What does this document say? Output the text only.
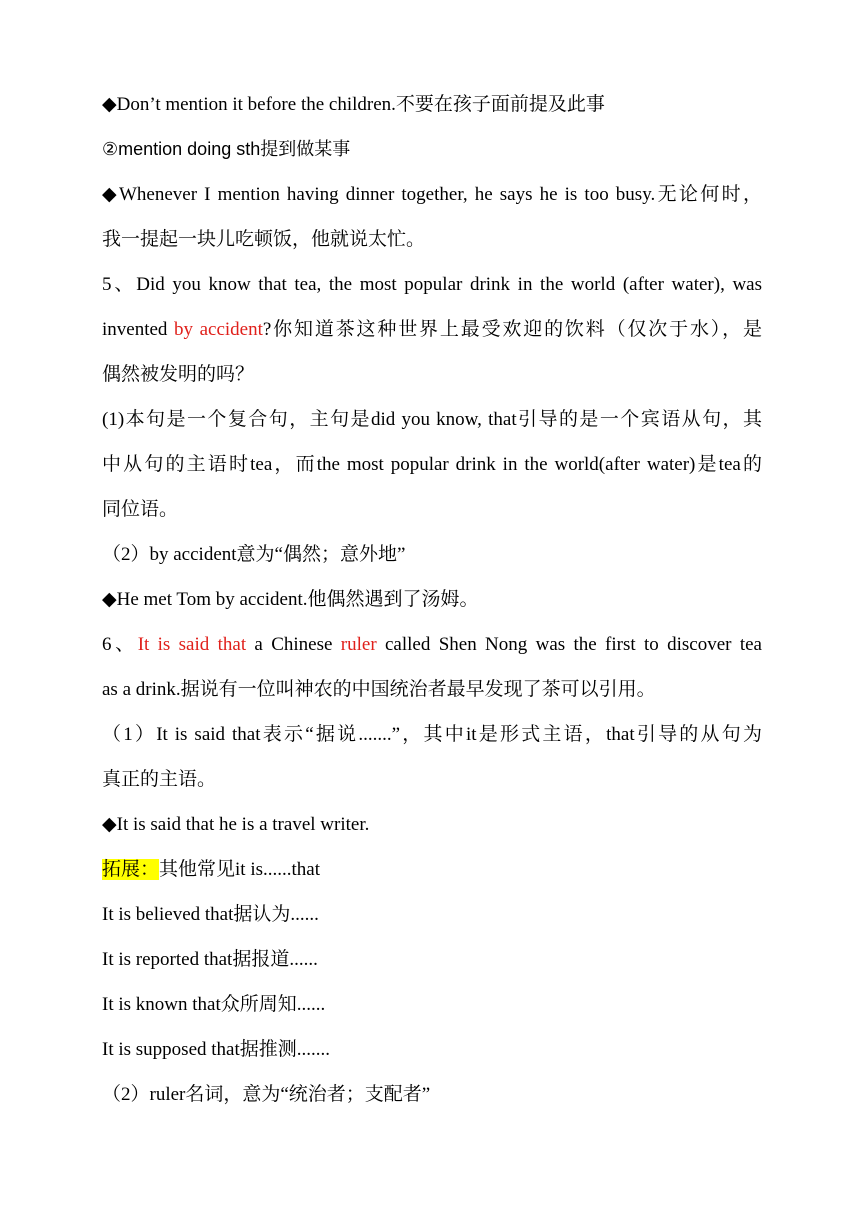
◆Don’t mention it before the children.不要在孩子面前提及此事
②mention doing sth提到做某事
◆Whenever I mention having dinner together, he says he is too busy.无论何时，
我一提起一块儿吃顿饭，他就说太忙。
5、Did you know that tea, the most popular drink in the world (after water), was
invented by accident?你知道茶这种世界上最受欢迎的饮料（仅次于水），是
偶然被发明的吗？
(1)本句是一个复合句，主句是did you know, that引导的是一个宾语从句，其
中从句的主语时tea，而the most popular drink in the world(after water)是tea的
同位语。
（2）by accident意为“偶然；意外地”
◆He met Tom by accident.他偶然遇到了汤姆。
6、It is said that a Chinese ruler called Shen Nong was the first to discover tea
as a drink.据说有一位叫神农的中国统治者最早发现了茶可以引用。
（1）It is said that表示“据说.......”，其中it是形式主语，that引导的从句为
真正的主语。
◆It is said that he is a travel writer.
拓展：其他常见it is......that
It is believed that据认为......
It is reported that据报道......
It is known that众所周知......
It is supposed that据推测.......
（2）ruler名词，意为“统治者；支配者”
